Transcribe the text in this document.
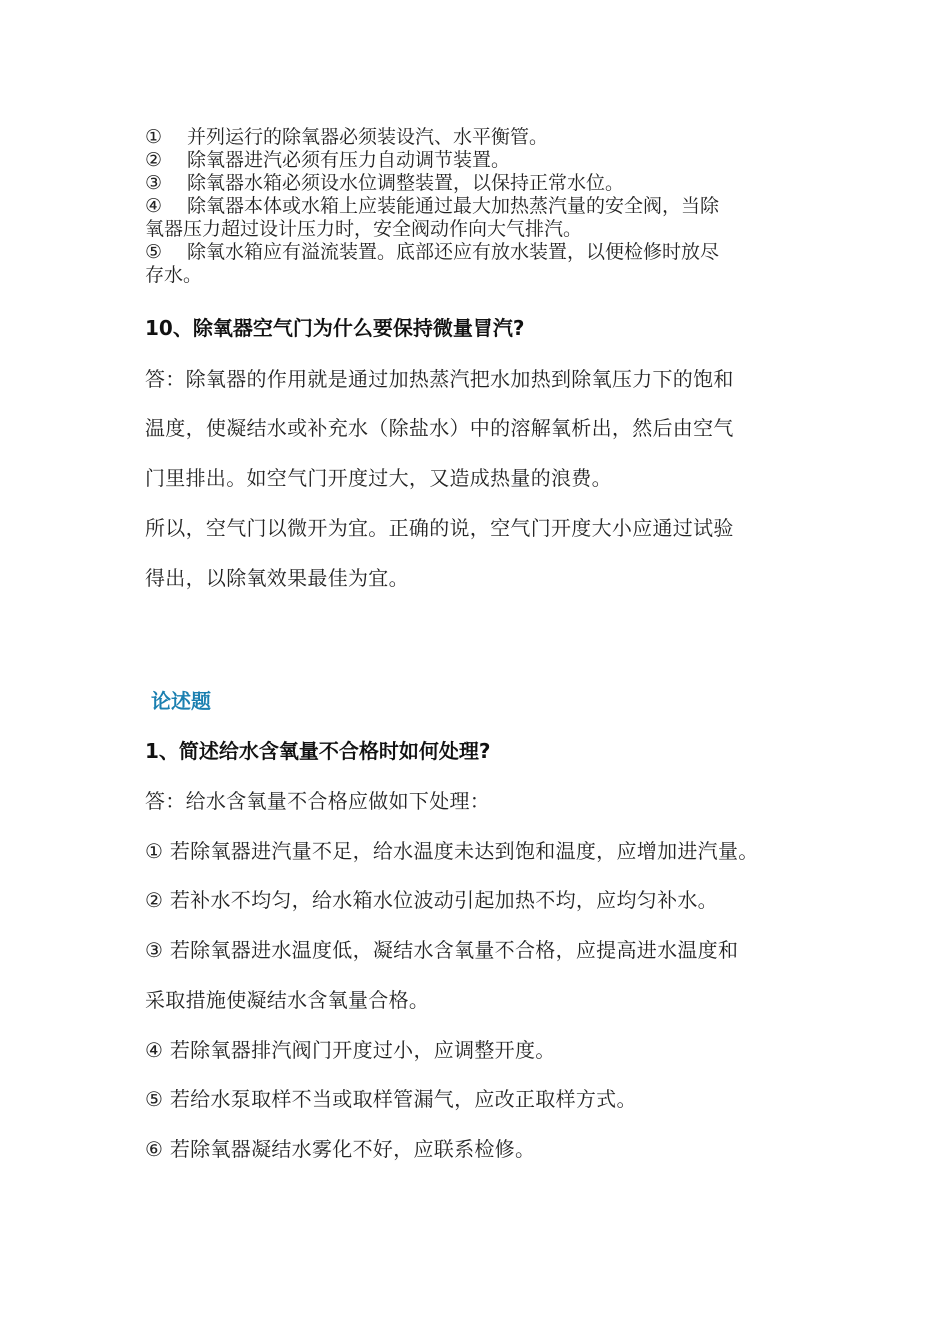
① 并列运行的除氧器必须装设汽、水平衡管。
② 除氧器进汽必须有压力自动调节装置。
③ 除氧器水箱必须设水位调整装置，以保持正常水位。
④ 除氧器本体或水箱上应装能通过最大加热蒸汽量的安全阀，当除
氧器压力超过设计压力时，安全阀动作向大气排汽。
⑤ 除氧水箱应有溢流装置。底部还应有放水装置，以便检修时放尽
存水。
10、除氧器空气门为什么要保持微量冒汽?
答：除氧器的作用就是通过加热蒸汽把水加热到除氧压力下的饱和
温度，使凝结水或补充水（除盐水）中的溶解氧析出，然后由空气
门里排出。如空气门开度过大，又造成热量的浪费。
所以，空气门以微开为宜。正确的说，空气门开度大小应通过试验
得出，以除氧效果最佳为宜。
论述题
1、简述给水含氧量不合格时如何处理?
答：给水含氧量不合格应做如下处理：
① 若除氧器进汽量不足，给水温度未达到饱和温度，应增加进汽量。
② 若补水不均匀，给水箱水位波动引起加热不均，应均匀补水。
③ 若除氧器进水温度低，凝结水含氧量不合格，应提高进水温度和
采取措施使凝结水含氧量合格。
④ 若除氧器排汽阀门开度过小，应调整开度。
⑤ 若给水泵取样不当或取样管漏气，应改正取样方式。
⑥ 若除氧器凝结水雾化不好，应联系检修。
